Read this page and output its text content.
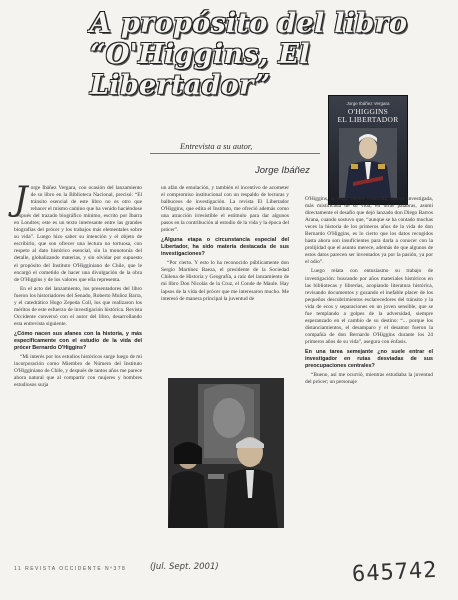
A propósito del libro “O'Higgins, El Libertador”
Jorge Ibáñez Vergara
O'HIGGINS
EL LIBERTADOR
Entrevista a su autor,
Jorge Ibáñez
J orge Ibáñez Vergara, con ocasión del lanzamiento de su libro en la Biblioteca Nacional, precisó: “El tránsito esencial de este libro no es otro que rehacer el mismo camino que ha venido haciéndose después del trazado biográfico mínimo, escrito por Ibarra en Londres; este es un texto interesante entre las grandes biografías del prócer y los trabajos más elementales sobre su vida”. Luego hizo saber su intención y el objeto de escribirlo, que son ofrecer una lectura no tortuosa, con respeto al dato histórico esencial, sin la monotonía del detalle, globalizando materias, y sin olvidar por supuesto el propósito del Instituto O'Higginiano de Chile, que le encargó el cometido de hacer una divulgación de la obra de O'Higgins y de los valores que ella representa.

En el acto del lanzamiento, los presentadores del libro fueron los historiadores del Senado, Roberto Muñoz Barra, y el catedrático Hugo Zepeda Coll, los que realizaron los méritos de este esfuerzo de investigación histórica. Revista Occidente conversó con el autor del libro, desarrollando esta entrevista siguiente.

¿Cómo nacen sus afanes con la historia, y más específicamente con el estudio de la vida del prócer Bernardo O'Higgins?

“Mi interés por los estudios históricos surge luego de mi incorporación como Miembro de Número del Instituto O'Higginiano de Chile, y después de tantos años me parece ahora natural que al compartir con mujeres y hombres estudiosos surja

un afán de emulación, y también el incentivo de acometer el compromiso institucional con un respaldo de lecturas y balbuceos de investigación. La revista El Libertador O'Higgins, que edita el Instituto, me ofreció además como una atracción irresistible el estímulo para dar algunos pasos en la contribución al estudio de la vida y la época del prócer”.

¿Alguna etapa o circunstancia especial del Libertador, ha sido materia destacada de sus investigaciones?

“Por cierto. Y esto lo ha reconocido públicamente don Sergio Martínez Baeza, el presidente de la Sociedad Chilena de Historia y Geografía, a raíz del lanzamiento de mi libro Don Nicolás de la Cruz, el Conde de Maule. Hay lapsos de la vida del prócer que me interesaron mucho. Me interesó de manera principal la juventud de

O'Higgins, la etapa menos conocida, menos investigada, más mistificada de su vida; en otras palabras, asumí directamente el desafío que dejó lanzado don Diego Barros Arana, cuando sostuvo que, “aunque se ha contado muchas veces la historia de los primeros años de la vida de don Bernardo O'Higgins, es lo cierto que los datos recogidos hasta ahora son insuficientes para darla a conocer con la prolijidad que el asunto merece, además de que algunos de estos datos parecen ser inventados ya por la pasión, ya por el odio”.

Luego relata con entusiasmo su trabajo de investigación: buscando por años materiales históricos en las bibliotecas y librerías, acopiando literatura histórica, revisando documentos y gozando el inefable placer de los pequeños descubrimientos esclarecedores del tránsito y la vida de ecos y separaciones en un joven sensible, que se fue templando a golpes de la adversidad, siempre esperanzado en el cambio de su destino: “... porque los distanciamientos, el desamparo y el desamor fueron la compañía de don Bernardo O'Higgins durante los 24 primeros años de su vida”, asegura con énfasis.

En una tarea semejante ¿no suele entrar el investigador en rutas desviadas de sus preocupaciones centrales?

“Bueno, así me ocurrió, mientras estudiaba la juventud del prócer; un personaje

11 REVISTA OCCIDENTE Nº378	(Jul. Sept. 2001)	645742
